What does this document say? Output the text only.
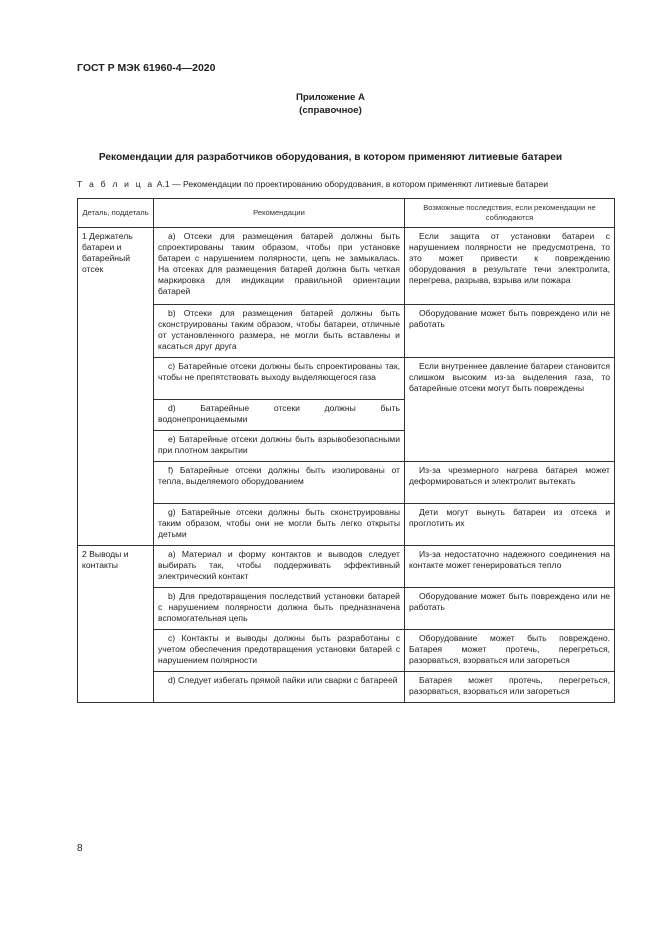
ГОСТ Р МЭК 61960-4—2020
Приложение А
(справочное)
Рекомендации для разработчиков оборудования, в котором применяют литиевые батареи
Т а б л и ц а А.1 — Рекомендации по проектированию оборудования, в котором применяют литиевые батареи
Деталь, поддеталь	Рекомендации	Возможные последствия, если рекомендации не соблюдаются
1 Держатель батареи и батарейный отсек	a) Отсеки для размещения батарей должны быть спроектированы таким образом, чтобы при установке батареи с нарушением полярности, цепь не замыкалась. На отсеках для размещения батарей должна быть четкая маркировка для индикации правильной ориентации батарей	Если защита от установки батареи с нарушением полярности не предусмотрена, то это может привести к повреждению оборудования в результате течи электролита, перегрева, разрыва, взрыва или пожара
	b) Отсеки для размещения батарей должны быть сконструированы таким образом, чтобы батареи, отличные от установленного размера, не могли быть вставлены и касаться друг друга	Оборудование может быть повреждено или не работать
	c) Батарейные отсеки должны быть спроектированы так, чтобы не препятствовать выходу выделяющегося газа	Если внутреннее давление батареи становится слишком высоким из-за выделения газа, то батарейные отсеки могут быть повреждены
	d) Батарейные отсеки должны быть водонепроницаемыми	
	e) Батарейные отсеки должны быть взрывобезопасными при плотном закрытии	
	f) Батарейные отсеки должны быть изолированы от тепла, выделяемого оборудованием	Из-за чрезмерного нагрева батарея может деформироваться и электролит вытекать
	g) Батарейные отсеки должны быть сконструированы таким образом, чтобы они не могли быть легко открыты детьми	Дети могут вынуть батареи из отсека и проглотить их
2 Выводы и контакты	a) Материал и форму контактов и выводов следует выбирать так, чтобы поддерживать эффективный электрический контакт	Из-за недостаточно надежного соединения на контакте может генерироваться тепло
	b) Для предотвращения последствий установки батарей с нарушением полярности должна быть предназначена вспомогательная цепь	Оборудование может быть повреждено или не работать
	c) Контакты и выводы должны быть разработаны с учетом обеспечения предотвращения установки батарей с нарушением полярности	Оборудование может быть повреждено. Батарея может протечь, перегреться, разорваться, взорваться или загореться
	d) Следует избегать прямой пайки или сварки с батареей	Батарея может протечь, перегреться, разорваться, взорваться или загореться
8
